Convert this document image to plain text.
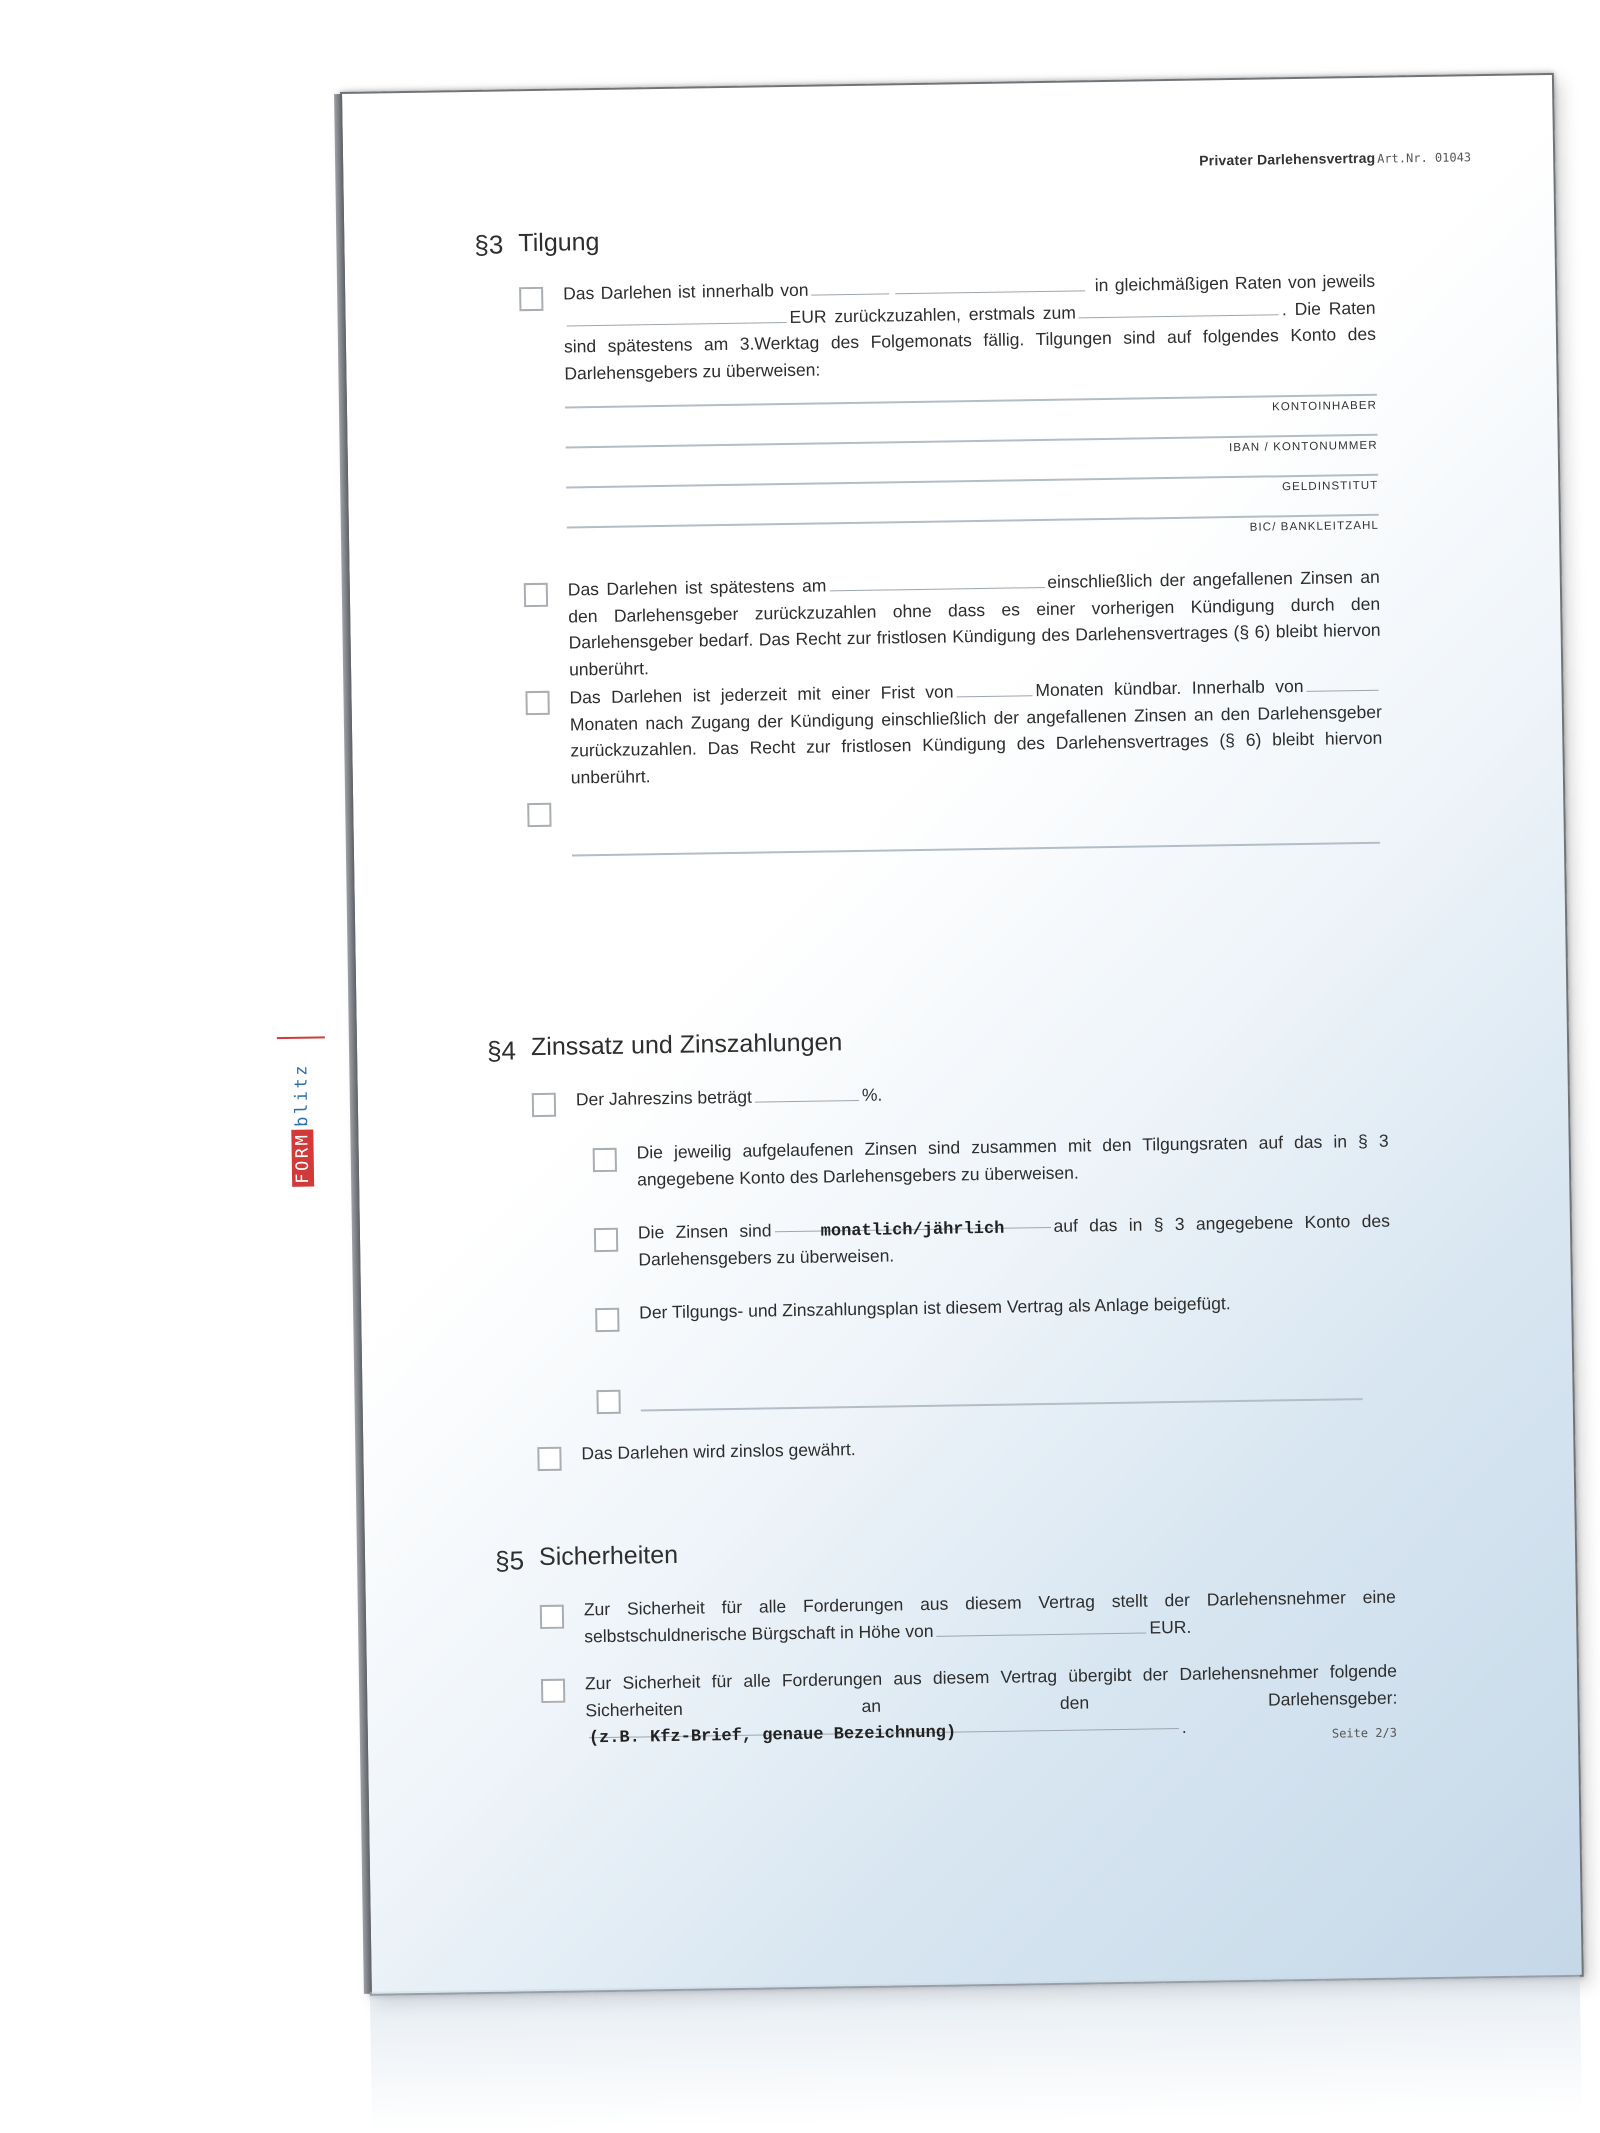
Privater Darlehensvertrag Art.Nr. 01043
FORMblitz
§3 Tilgung
Das Darlehen ist innerhalb von	in gleichmäßigen Raten von jeweils EUR zurückzuzahlen, erstmals zum	. Die Raten sind spätestens am 3.Werktag des Folgemonats fällig. Tilgungen sind auf folgendes Konto des Darlehensgebers zu überweisen:
KONTOINHABER
IBAN / KONTONUMMER
GELDINSTITUT
BIC/ BANKLEITZAHL
Das Darlehen ist spätestens am	einschließlich der angefallenen Zinsen an den Darlehensgeber zurückzuzahlen ohne dass es einer vorherigen Kündigung durch den Darlehensgeber bedarf. Das Recht zur fristlosen Kündigung des Darlehensvertrages (§ 6) bleibt hiervon unberührt.
Das Darlehen ist jederzeit mit einer Frist von	Monaten kündbar. Innerhalb vonMonaten nach Zugang der Kündigung einschließlich der angefallenen Zinsen an den Darlehensgeber zurückzuzahlen. Das Recht zur fristlosen Kündigung des Darlehensvertrages (§ 6) bleibt hiervon unberührt.
§4 Zinssatz und Zinszahlungen
Der Jahreszins beträgt	%.
Die jeweilig aufgelaufenen Zinsen sind zusammen mit den Tilgungsraten auf das in § 3 angegebene Konto des Darlehensgebers zu überweisen.
Die Zinsen sind	monatlich/jährlich	auf das in § 3 angegebene Konto des Darlehensgebers zu überweisen.
Der Tilgungs- und Zinszahlungsplan ist diesem Vertrag als Anlage beigefügt.
Das Darlehen wird zinslos gewährt.
§5 Sicherheiten
Zur Sicherheit für alle Forderungen aus diesem Vertrag stellt der Darlehensnehmer eine selbstschuldnerische Bürgschaft in Höhe von	EUR.
Zur Sicherheit für alle Forderungen aus diesem Vertrag übergibt der Darlehensnehmer folgende Sicherheiten an den Darlehensgeber:(z.B. Kfz-Brief, genaue Bezeichnung)	.	Seite 2/3
